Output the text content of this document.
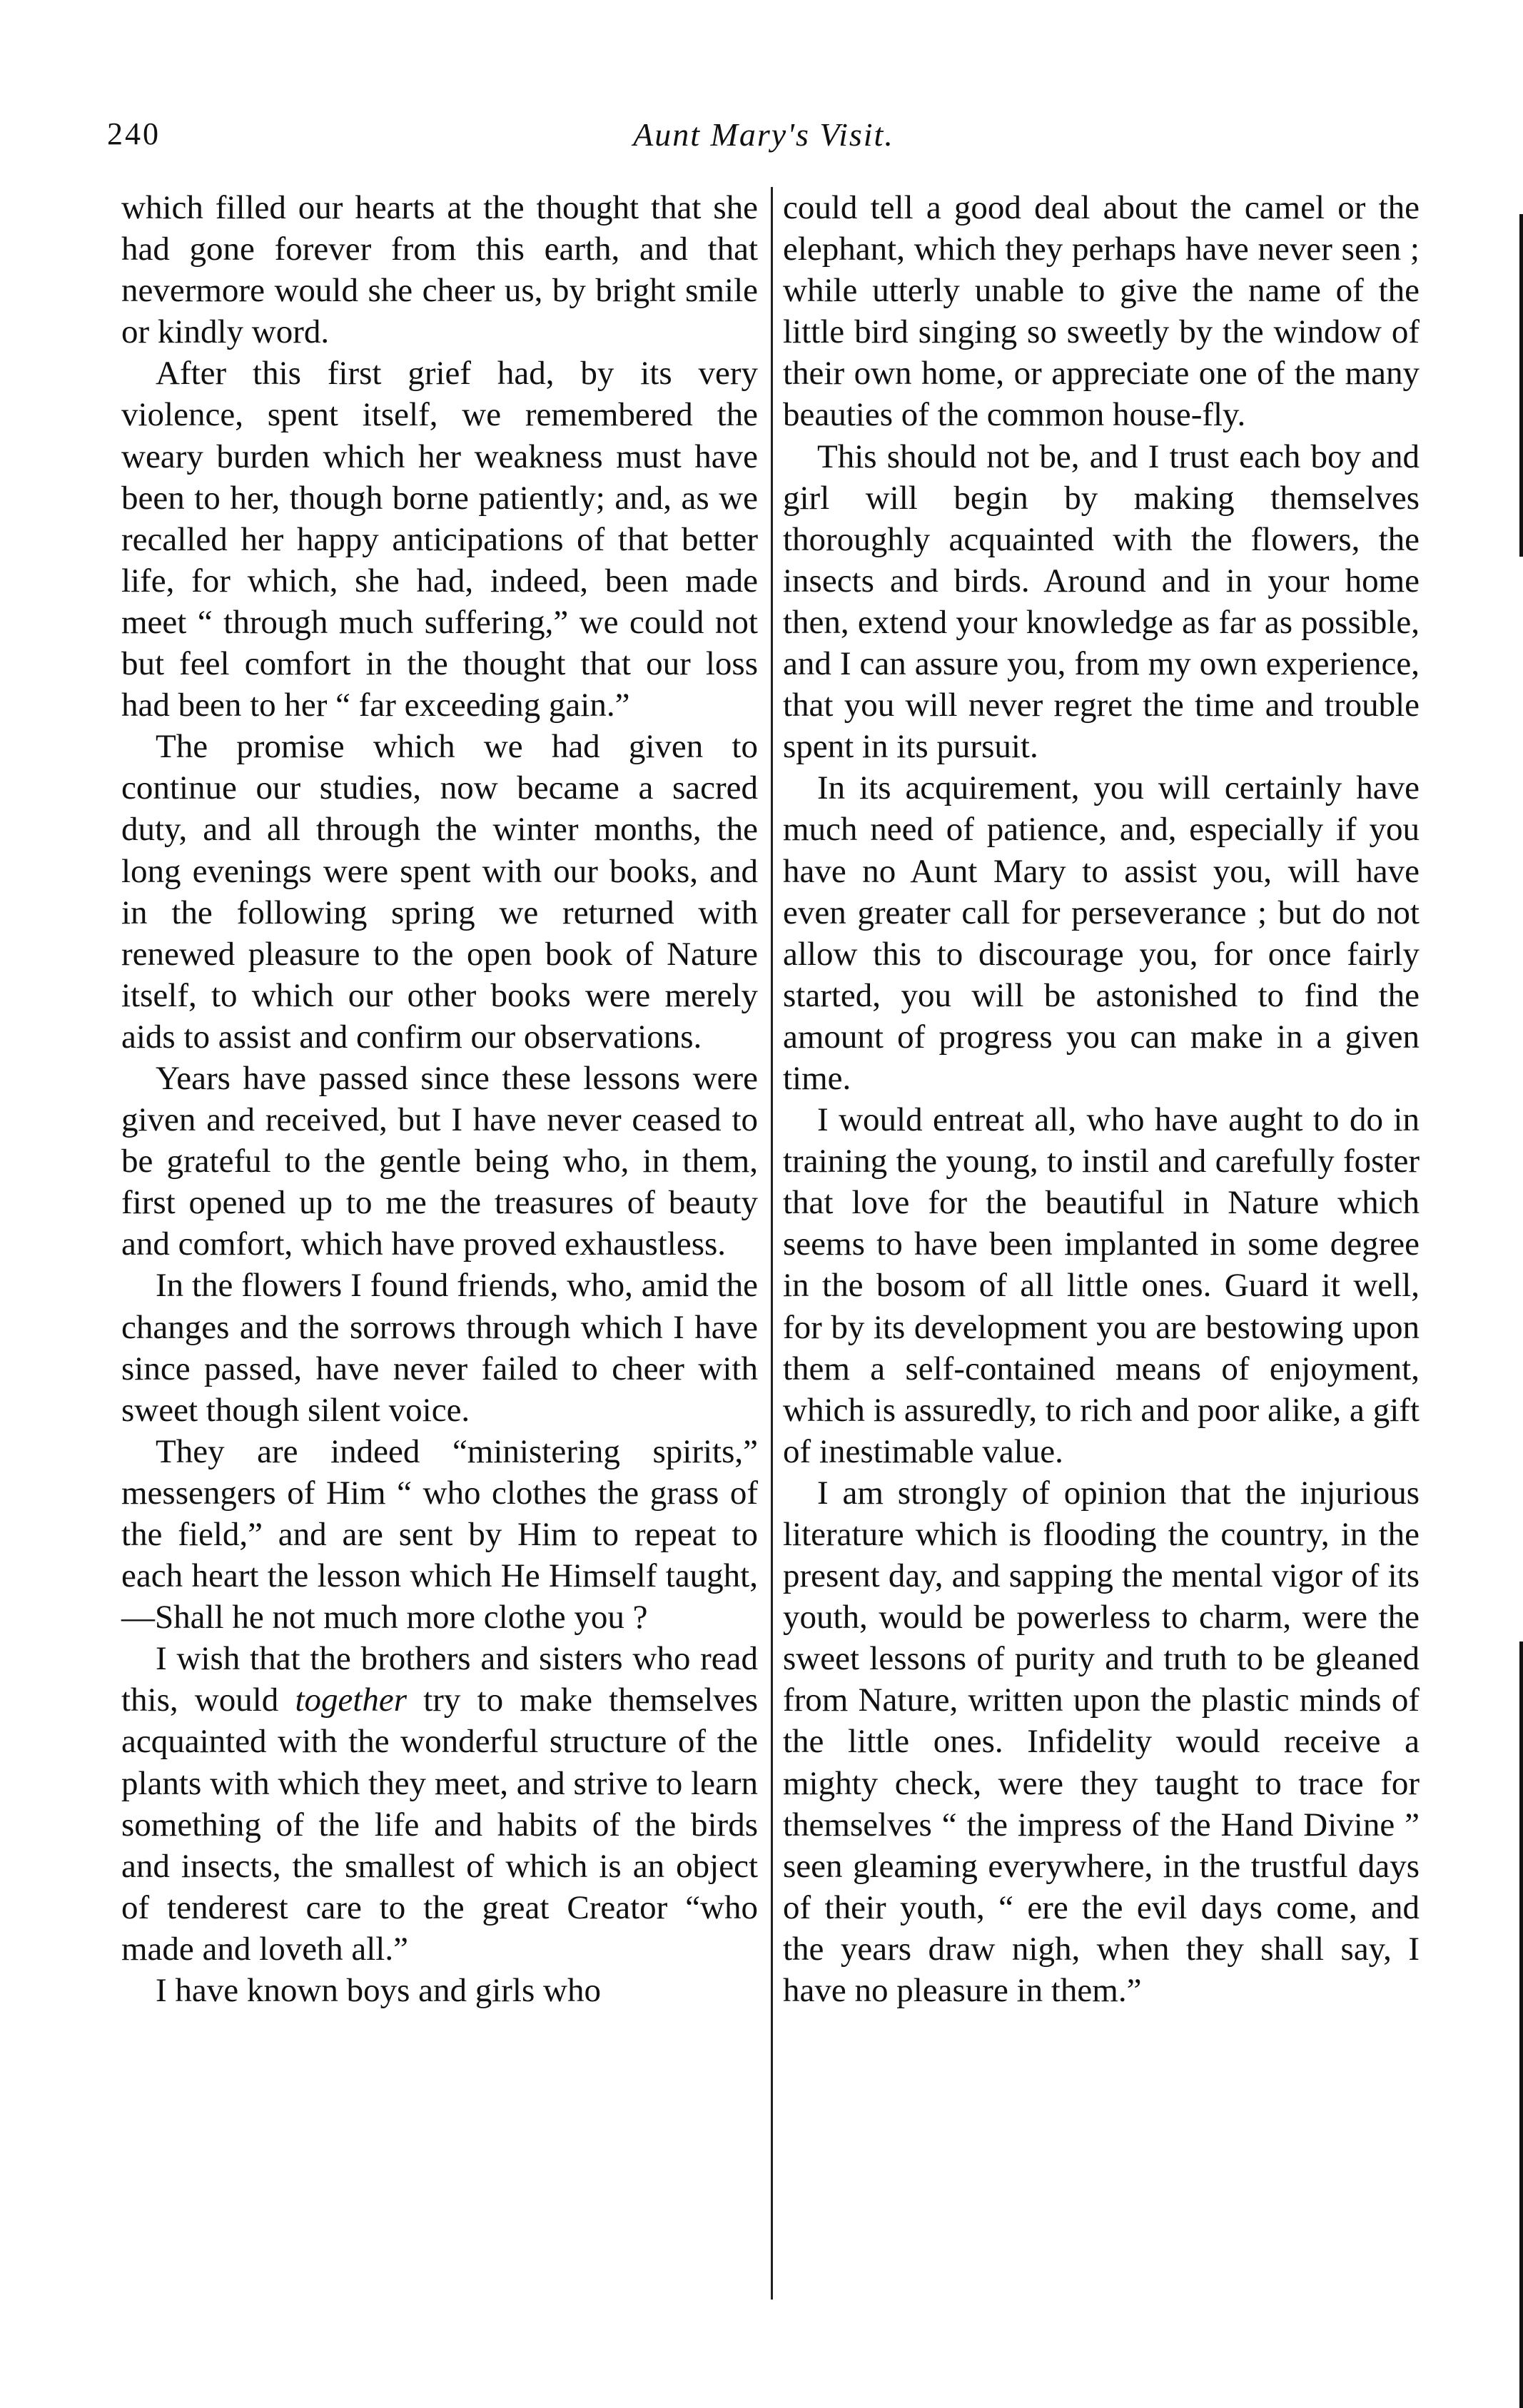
240	Aunt Mary's Visit.

which filled our hearts at the thought that she had gone forever from this earth, and that nevermore would she cheer us, by bright smile or kindly word.

After this first grief had, by its very violence, spent itself, we remembered the weary burden which her weakness must have been to her, though borne patiently; and, as we recalled her happy anticipations of that better life, for which, she had, indeed, been made meet “ through much suffering,” we could not but feel comfort in the thought that our loss had been to her “ far exceeding gain.”

The promise which we had given to continue our studies, now became a sacred duty, and all through the winter months, the long evenings were spent with our books, and in the following spring we returned with renewed pleasure to the open book of Nature itself, to which our other books were merely aids to assist and confirm our observations.

Years have passed since these lessons were given and received, but I have never ceased to be grateful to the gentle being who, in them, first opened up to me the treasures of beauty and comfort, which have proved exhaustless.

In the flowers I found friends, who, amid the changes and the sorrows through which I have since passed, have never failed to cheer with sweet though silent voice.

They are indeed “ministering spirits,” messengers of Him “ who clothes the grass of the field,” and are sent by Him to repeat to each heart the lesson which He Himself taught,—Shall he not much more clothe you ?

I wish that the brothers and sisters who read this, would together try to make themselves acquainted with the wonderful structure of the plants with which they meet, and strive to learn something of the life and habits of the birds and insects, the smallest of which is an object of tenderest care to the great Creator “who made and loveth all.”

I have known boys and girls who

could tell a good deal about the camel or the elephant, which they perhaps have never seen ; while utterly unable to give the name of the little bird singing so sweetly by the window of their own home, or appreciate one of the many beauties of the common house-fly.

This should not be, and I trust each boy and girl will begin by making themselves thoroughly acquainted with the flowers, the insects and birds. Around and in your home then, extend your knowledge as far as possible, and I can assure you, from my own experience, that you will never regret the time and trouble spent in its pursuit.

In its acquirement, you will certainly have much need of patience, and, especially if you have no Aunt Mary to assist you, will have even greater call for perseverance ; but do not allow this to discourage you, for once fairly started, you will be astonished to find the amount of progress you can make in a given time.

I would entreat all, who have aught to do in training the young, to instil and carefully foster that love for the beautiful in Nature which seems to have been implanted in some degree in the bosom of all little ones. Guard it well, for by its development you are bestowing upon them a self-contained means of enjoyment, which is assuredly, to rich and poor alike, a gift of inestimable value.

I am strongly of opinion that the injurious literature which is flooding the country, in the present day, and sapping the mental vigor of its youth, would be powerless to charm, were the sweet lessons of purity and truth to be gleaned from Nature, written upon the plastic minds of the little ones. Infidelity would receive a mighty check, were they taught to trace for themselves “ the impress of the Hand Divine ” seen gleaming everywhere, in the trustful days of their youth, “ ere the evil days come, and the years draw nigh, when they shall say, I have no pleasure in them.”
